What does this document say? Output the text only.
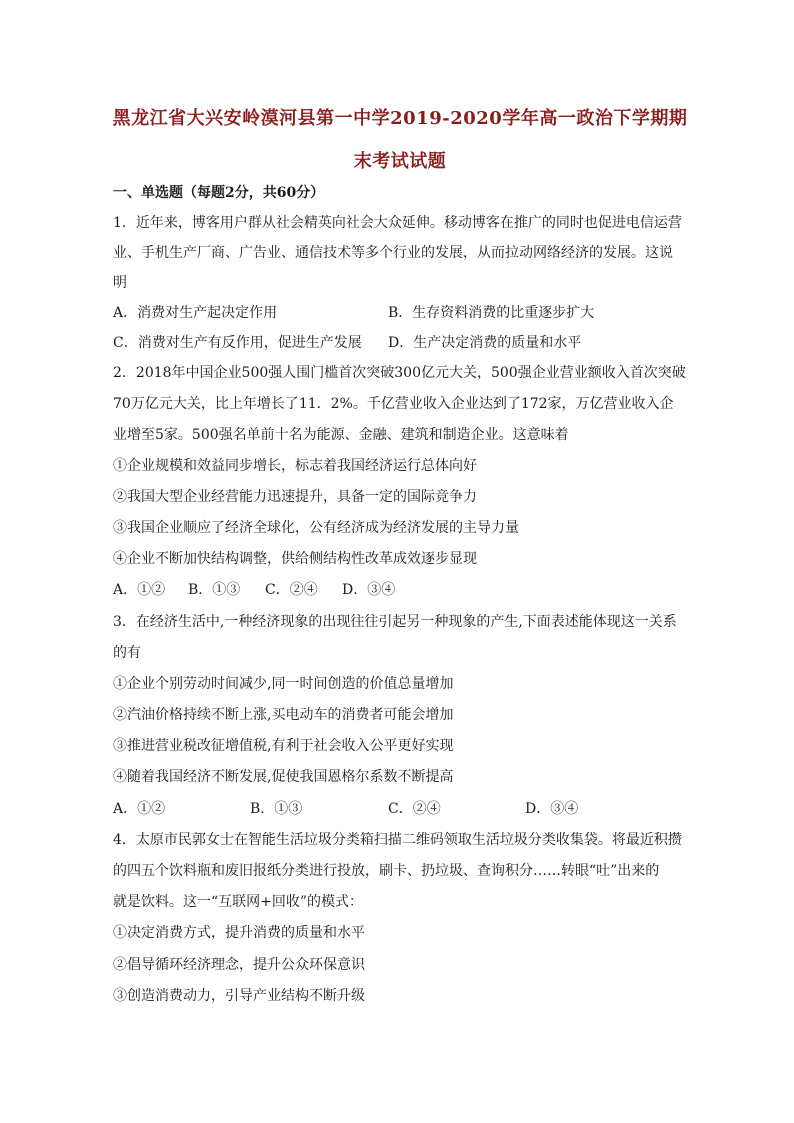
黑龙江省大兴安岭漠河县第一中学2019-2020学年高一政治下学期期
末考试试题
一、单选题（每题2分，共60分）
1．近年来，博客用户群从社会精英向社会大众延伸。移动博客在推广的同时也促进电信运营
业、手机生产厂商、广告业、通信技术等多个行业的发展，从而拉动网络经济的发展。这说
明
A．消费对生产起决定作用	B．生存资料消费的比重逐步扩大
C．消费对生产有反作用，促进生产发展 D．生产决定消费的质量和水平
2．2018年中国企业500强人围门槛首次突破300亿元大关，500强企业营业额收入首次突破
70万亿元大关，比上年增长了11．2%。千亿营业收入企业达到了172家，万亿营业收入企
业增至5家。500强名单前十名为能源、金融、建筑和制造企业。这意味着
①企业规模和效益同步增长，标志着我国经济运行总体向好
②我国大型企业经营能力迅速提升，具备一定的国际竞争力
③我国企业顺应了经济全球化，公有经济成为经济发展的主导力量
④企业不断加快结构调整，供给侧结构性改革成效逐步显现
A．①② B．①③ C．②④ D．③④
3．在经济生活中,一种经济现象的出现往往引起另一种现象的产生,下面表述能体现这一关系
的有
①企业个别劳动时间减少,同一时间创造的价值总量增加
②汽油价格持续不断上涨,买电动车的消费者可能会增加
③推进营业税改征增值税,有利于社会收入公平更好实现
④随着我国经济不断发展,促使我国恩格尔系数不断提高
A．①②	B．①③	C．②④	D．③④
4．太原市民郭女士在智能生活垃圾分类箱扫描二维码领取生活垃圾分类收集袋。将最近积攒
的四五个饮料瓶和废旧报纸分类进行投放，刷卡、扔垃圾、查询积分……转眼“吐”出来的
就是饮料。这一“互联网+回收”的模式：
①决定消费方式，提升消费的质量和水平
②倡导循环经济理念，提升公众环保意识
③创造消费动力，引导产业结构不断升级
